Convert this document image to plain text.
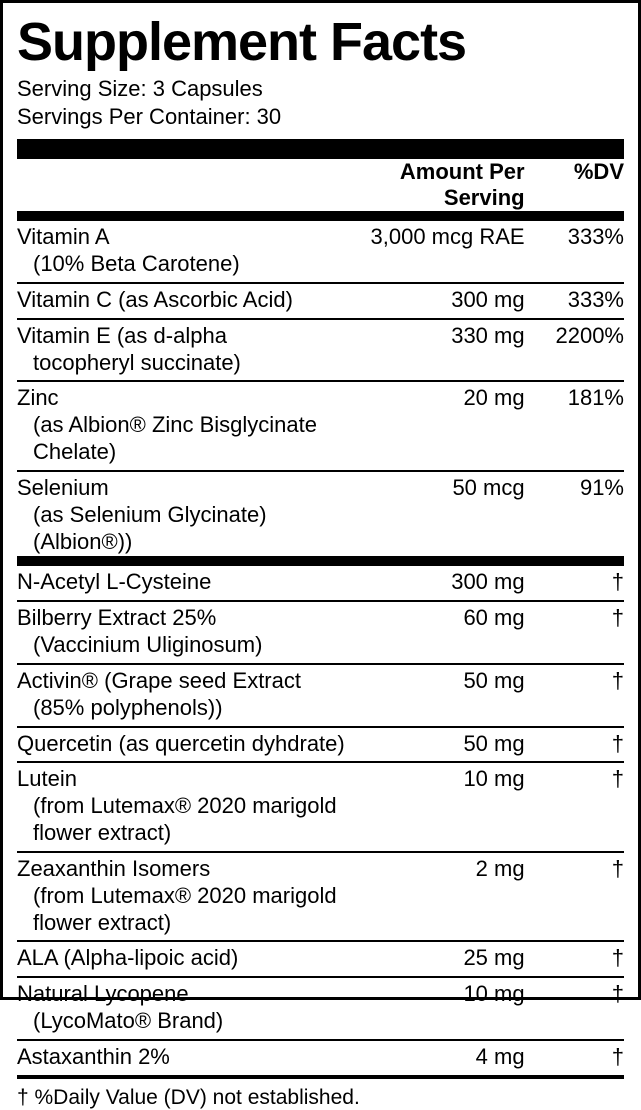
Supplement Facts
Serving Size: 3 Capsules
Servings Per Container: 30
	Amount Per Serving	%DV
Vitamin A
(10% Beta Carotene)	3,000 mcg RAE	333%

Vitamin C (as Ascorbic Acid)	300 mg	333%

Vitamin E (as d-alpha
tocopheryl succinate)	330 mg	2200%

Zinc
(as Albion® Zinc Bisglycinate Chelate)	20 mg	181%

Selenium
(as Selenium Glycinate) (Albion®))	50 mcg	91%
N-Acetyl L-Cysteine	300 mg	†

Bilberry Extract 25%
(Vaccinium Uliginosum)	60 mg	†

Activin® (Grape seed Extract
(85% polyphenols))	50 mg	†

Quercetin (as quercetin dyhdrate)	50 mg	†

Lutein
(from Lutemax® 2020 marigold flower extract)	10 mg	†

Zeaxanthin Isomers
(from Lutemax® 2020 marigold flower extract)	2 mg	†

ALA (Alpha-lipoic acid)	25 mg	†

Natural Lycopene
(LycoMato® Brand)	10 mg	†

Astaxanthin 2%	4 mg	†

† %Daily Value (DV) not established.
